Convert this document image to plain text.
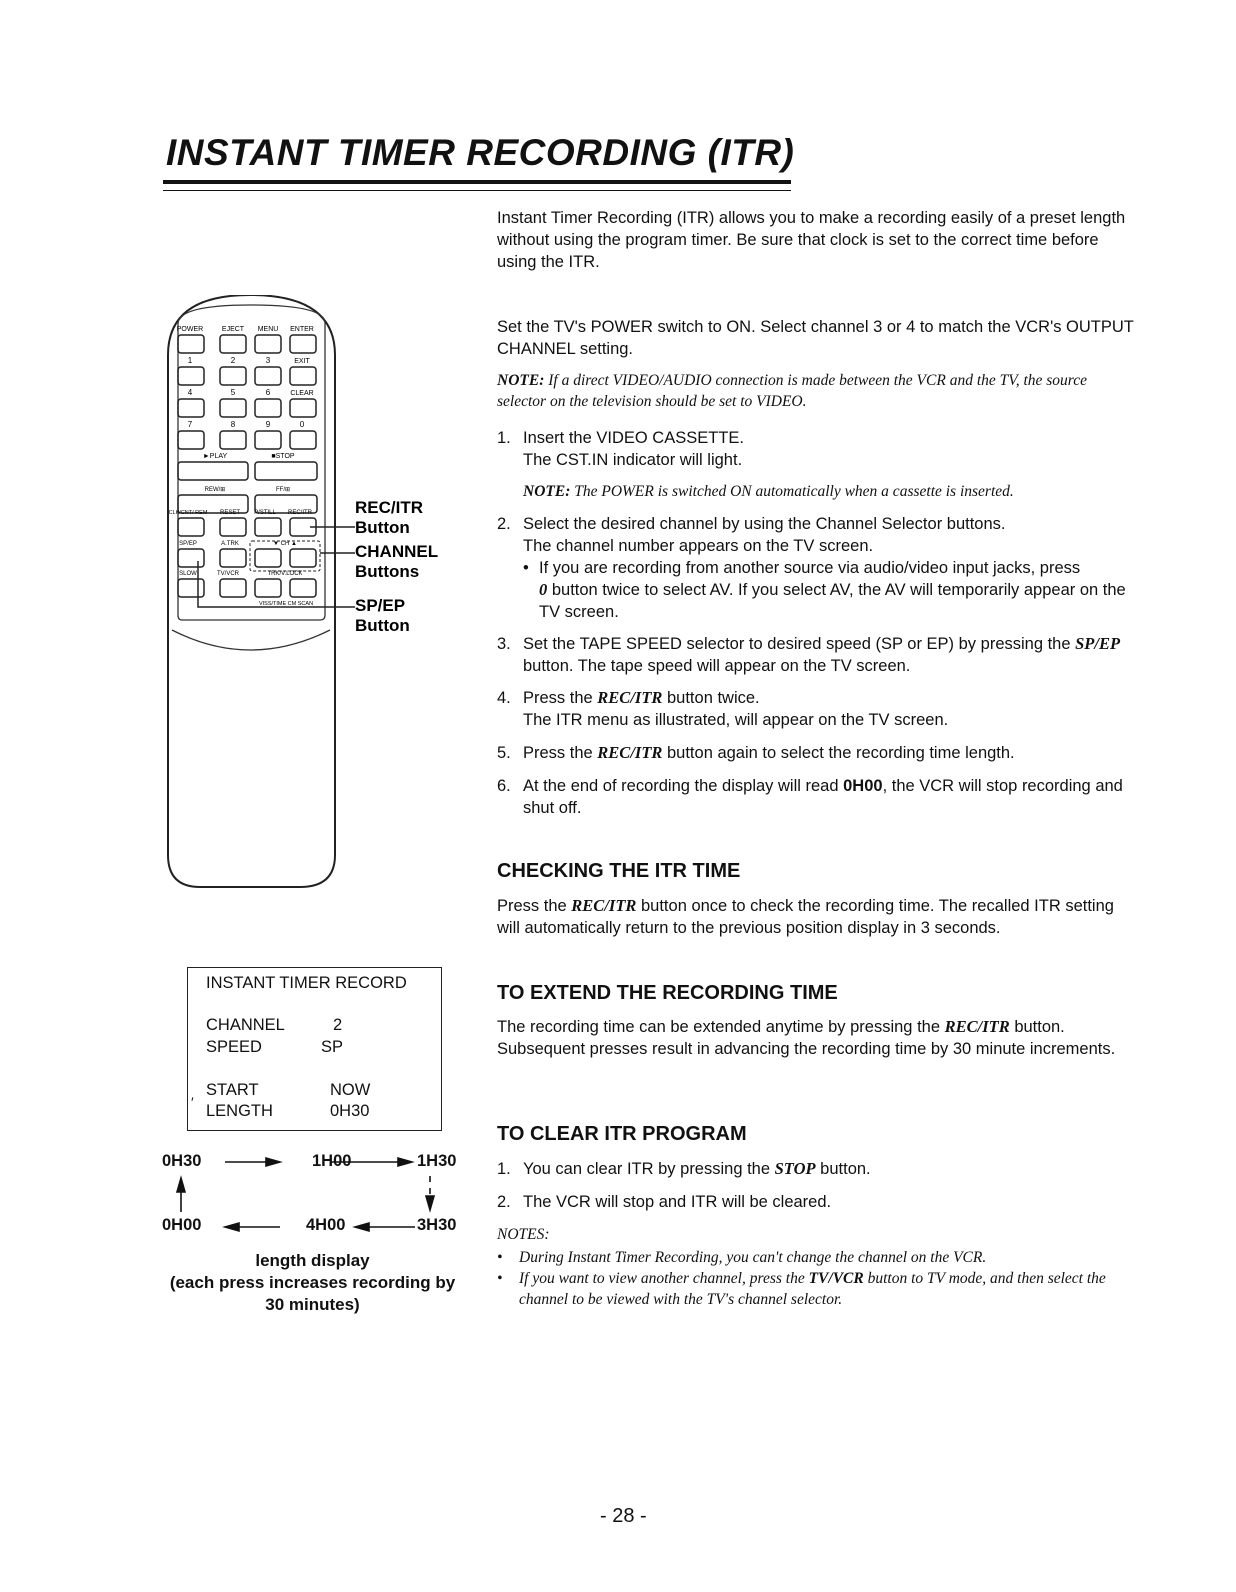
INSTANT TIMER RECORDING (ITR)
Instant Timer Recording (ITR) allows you to make a recording easily of a preset length without using the program timer. Be sure that clock is set to the correct time before using the ITR.
Set the TV's POWER switch to ON. Select channel 3 or 4 to match the VCR's OUTPUT CHANNEL setting.
NOTE: If a direct VIDEO/AUDIO connection is made between the VCR and the TV, the source selector on the television should be set to VIDEO.
1. Insert the VIDEO CASSETTE.
The CST.IN indicator will light.
NOTE: The POWER is switched ON automatically when a cassette is inserted.
2. Select the desired channel by using the Channel Selector buttons.
The channel number appears on the TV screen.
• If you are recording from another source via audio/video input jacks, press
0 button twice to select AV. If you select AV, the AV will temporarily appear on the TV screen.
3. Set the TAPE SPEED selector to desired speed (SP or EP) by pressing the SP/EP button. The tape speed will appear on the TV screen.
4. Press the REC/ITR button twice.
The ITR menu as illustrated, will appear on the TV screen.
5. Press the REC/ITR button again to select the recording time length.
6. At the end of recording the display will read 0H00, the VCR will stop recording and shut off.
CHECKING THE ITR TIME
Press the REC/ITR button once to check the recording time. The recalled ITR setting will automatically return to the previous position display in 3 seconds.
TO EXTEND THE RECORDING TIME
The recording time can be extended anytime by pressing the REC/ITR button. Subsequent presses result in advancing the recording time by 30 minute increments.
TO CLEAR ITR PROGRAM
1. You can clear ITR by pressing the STOP button.
2. The VCR will stop and ITR will be cleared.
NOTES:
• During Instant Timer Recording, you can't change the channel on the VCR.
• If you want to view another channel, press the TV/VCR button to TV mode, and then select the channel to be viewed with the TV's channel selector.
POWER	EJECT MENU ENTER
1	2	3	EXIT
4	5	6	CLEAR
7	8	9	0
►PLAY	■STOP
REW/⊞	FF/⊞
CLK/CNT/ REM RESET P/STILL REC/ITR
SP/EP	A.TRK	▼ CH ▲
SLOW	TV/VCR	TRK/V.LOCK
VISS/TIME CM SCAN
REC/ITR
Button
CHANNEL
Buttons
SP/EP
Button
INSTANT TIMER RECORD
CHANNEL	2
SPEED	SP
START	NOW
′ LENGTH	0H30
0H30	1H00	1H30
3H30
4H00
0H00
length display
(each press increases recording by
30 minutes)
- 28 -
